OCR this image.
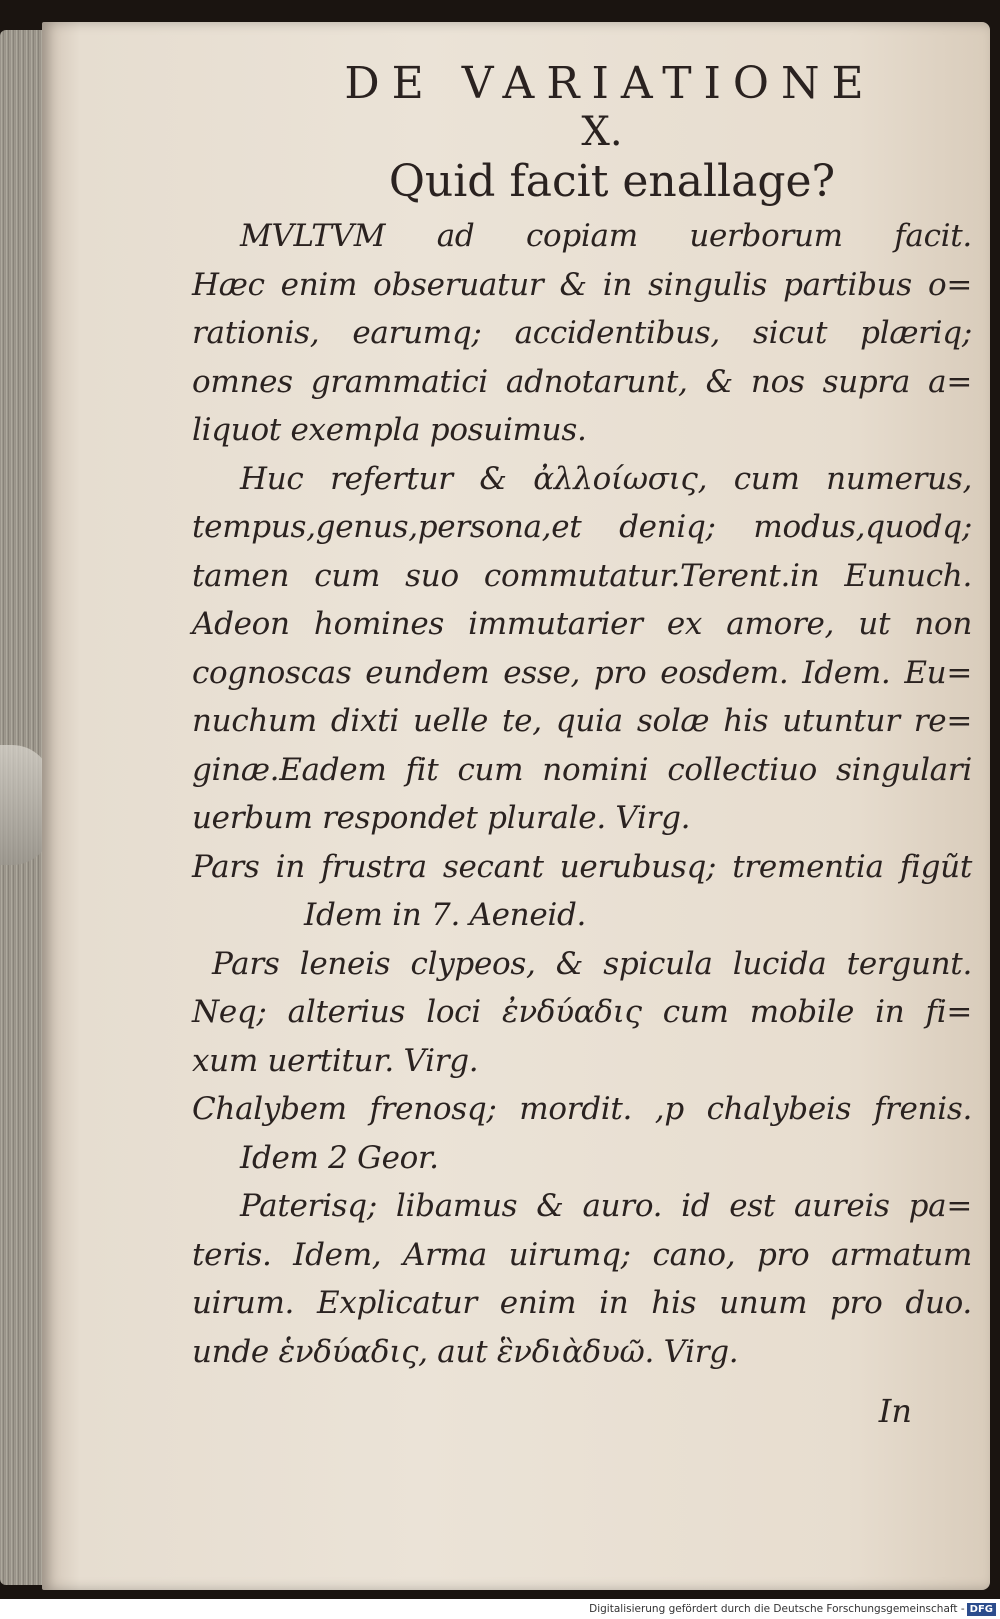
DE VARIATIONE
X.
Quid facit enallage?
MVLTVM ad copiam uerborum facit.
Hæc enim obseruatur & in singulis partibus o=
rationis, earumq; accidentibus, sicut plæriq;
omnes grammatici adnotarunt, & nos supra a=
liquot exempla posuimus.
Huc refertur & ἀλλοίωσις, cum numerus,
tempus,genus,persona,et deniq; modus,quodq;
tamen cum suo commutatur.Terent.in Eunuch.
Adeon homines immutarier ex amore, ut non
cognoscas eundem esse, pro eosdem. Idem. Eu=
nuchum dixti uelle te, quia solæ his utuntur re=
ginæ.Eadem fit cum nomini collectiuo singulari
uerbum respondet plurale. Virg.
Pars in frustra secant uerubusq; trementia figũt
Idem in 7. Aeneid.
Pars leneis clypeos, & spicula lucida tergunt.
Neq; alterius loci ἐνδύαδις cum mobile in fi=
xum uertitur. Virg.
Chalybem frenosq; mordit. ,p chalybeis frenis.
Idem 2 Geor.
Paterisq; libamus & auro. id est aureis pa=
teris. Idem, Arma uirumq; cano, pro armatum
uirum. Explicatur enim in his unum pro duo.
unde ἑνδύαδις, aut ἓνδιὰδυῶ. Virg.
In
Digitalisierung gefördert durch die Deutsche Forschungsgemeinschaft - DFG
